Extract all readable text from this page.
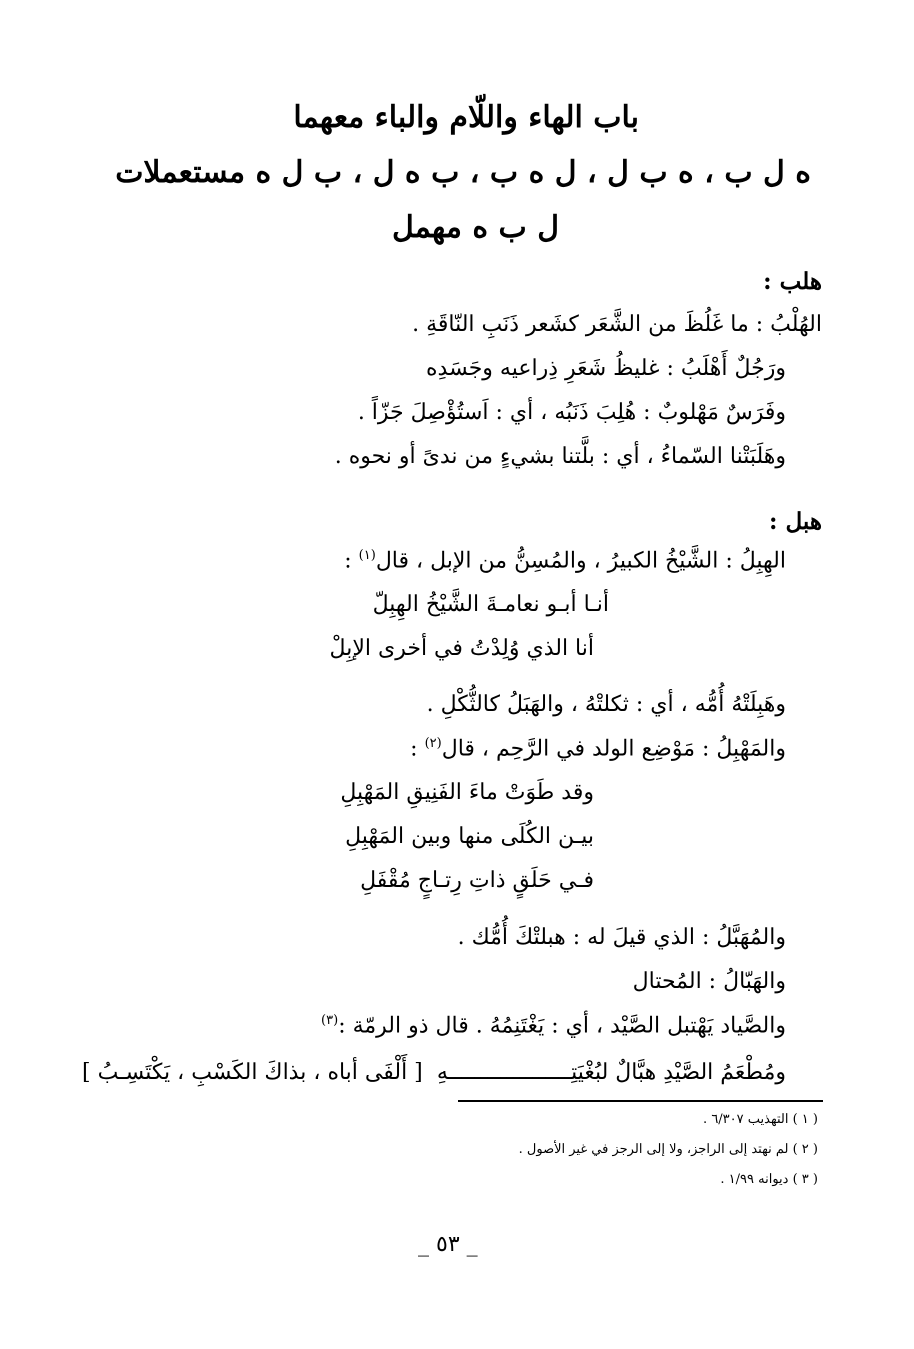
باب الهاء واللّام والباء معهما
ه ل ب ، ه ب ل ، ل ه ب ، ب ه ل ، ب ل ه مستعملات
ل ب ه مهمل
هلب :
الهُلْبُ : ما غَلُظَ من الشَّعَر كشَعر ذَنَبِ النّاقَةِ .
ورَجُلٌ أَهْلَبُ : غليظُ شَعَرِ ذِراعيه وجَسَدِه
وفَرَسٌ مَهْلوبٌ : هُلِبَ ذَنَبُه ، أي : اَستُؤْصِلَ جَزّاً .
وهَلَبَتْنا السّماءُ ، أي : بلَّتنا بشيءٍ من ندىً أو نحوه .
هبل :
الهِبِلُ : الشَّيْخُ الكبيرُ ، والمُسِنُّ من الإبل ، قال$^{(١)}$ :
أنـا أبـو نعامـةَ الشَّيْخُ الهِبِلّ
أنا الذي وُلِدْتُ في أخرى الإبِلْ
وهَبِلَتْهُ أُمُّه ، أي : ثكلتْهُ ، والهَبَلُ كالثُّكْلِ .
والمَهْبِلُ : مَوْضِع الولد في الرَّحِم ، قال$^{(٢)}$ :
وقد طَوَتْ ماءَ الفَنِيقِ المَهْبِلِ
بيـن الكُلَى منها وبين المَهْبِلِ
فـي حَلَقٍ ذاتِ رِتـاجٍ مُقْفَلِ
والمُهَبَّلُ : الذي قيلَ له : هبلتْكَ أُمُّك .
والهَبّالُ : المُحتال
والصَّياد يَهْتبل الصَّيْد ، أي : يَغْتَنِمُهُ . قال ذو الرمّة :$^{(٣)}$
ومُطْعَمُ الصَّيْدِ هبَّالٌ لبُغْيَتِـــــــــــــــــــهِ
[ أَلْفَى أباه ، بذاكَ الكَسْبِ ، يَكْتَسِـبُ ]
( ١ ) التهذيب ٦/٣٠٧ .
( ٢ ) لم نهتد إلى الراجز، ولا إلى الرجز في غير الأصول .
( ٣ ) ديوانه ١/٩٩ .
_ ٥٣ _
